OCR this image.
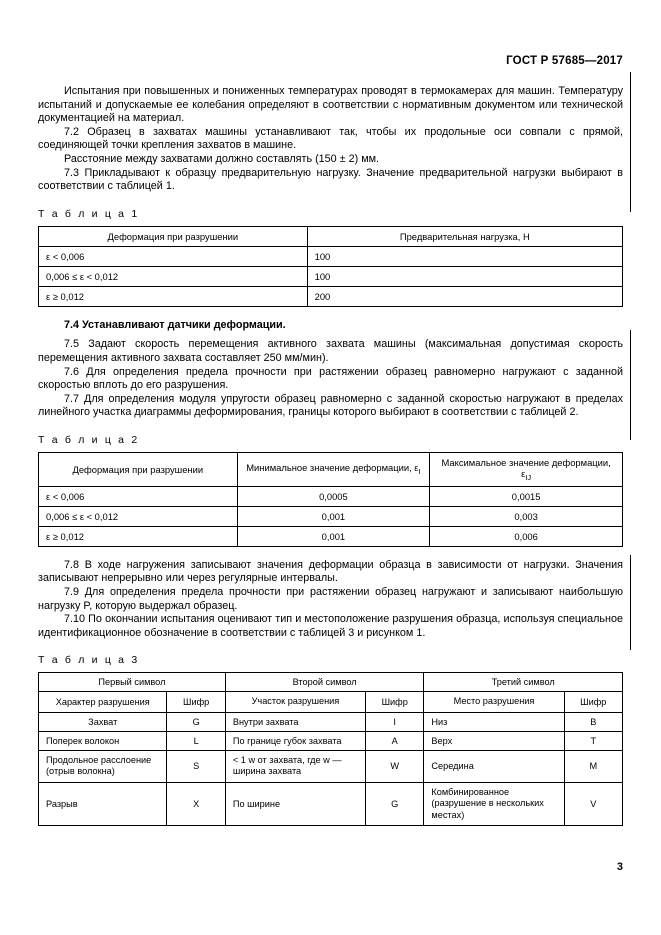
ГОСТ Р 57685—2017

Испытания при повышенных и пониженных температурах проводят в термокамерах для машин. Температуру испытаний и допускаемые ее колебания определяют в соответствии с нормативным документом или технической документацией на материал.

7.2 Образец в захватах машины устанавливают так, чтобы их продольные оси совпали с прямой, соединяющей точки крепления захватов в машине.

Расстояние между захватами должно составлять (150 ± 2) мм.

7.3 Прикладывают к образцу предварительную нагрузку. Значение предварительной нагрузки выбирают в соответствии с таблицей 1.

Т а б л и ц а 1
Деформация при разрушении	Предварительная нагрузка, Н
ε < 0,006	100
0,006 ≤ ε < 0,012	100
ε ≥ 0,012	200

7.4 Устанавливают датчики деформации.

7.5 Задают скорость перемещения активного захвата машины (максимальная допустимая скорость перемещения активного захвата составляет 250 мм/мин).

7.6 Для определения предела прочности при растяжении образец равномерно нагружают с заданной скоростью вплоть до его разрушения.

7.7 Для определения модуля упругости образец равномерно с заданной скоростью нагружают в пределах линейного участка диаграммы деформирования, границы которого выбирают в соответствии с таблицей 2.

Т а б л и ц а 2
Деформация при разрушении	Минимальное значение деформации, $\varepsilon_I$	Максимальное значение деформации, $\varepsilon_{IJ}$
ε < 0,006	0,0005	0,0015
0,006 ≤ ε < 0,012	0,001	0,003
ε ≥ 0,012	0,001	0,006

7.8 В ходе нагружения записывают значения деформации образца в зависимости от нагрузки. Значения записывают непрерывно или через регулярные интервалы.

7.9 Для определения предела прочности при растяжении образец нагружают и записывают наибольшую нагрузку P, которую выдержал образец.

7.10 По окончании испытания оценивают тип и местоположение разрушения образца, используя специальное идентификационное обозначение в соответствии с таблицей 3 и рисунком 1.

Т а б л и ц а 3
Первый символ		Второй символ		Третий символ	
Характер разрушения	Шифр	Участок разрушения	Шифр	Место разрушения	Шифр
Захват	G	Внутри захвата	I	Низ	B
Поперек волокон	L	По границе губок захвата	A	Верх	T
Продольное расслоение (отрыв волокна)	S	< 1 w от захвата, где w — ширина захвата	W	Середина	M
Разрыв	X	По ширине	G	Комбинированное (разрушение в нескольких местах)	V
3
